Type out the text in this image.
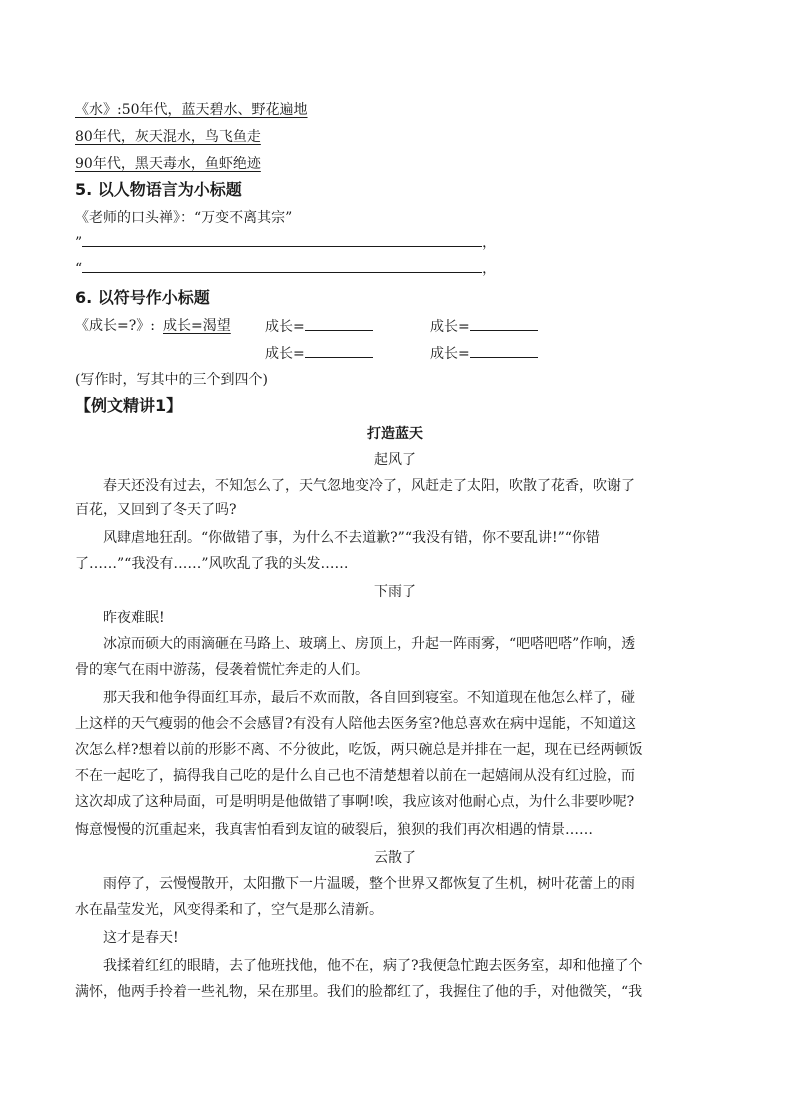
《水》:50年代，蓝天碧水、野花遍地
80年代，灰天混水，鸟飞鱼走
90年代，黑天毒水，鱼虾绝迹
5. 以人物语言为小标题
《老师的口头禅》：“万变不离其宗”
”	，
“	，
6. 以符号作小标题
《成长=?》: 成长=渴望 成长=	成长=
成长=	成长=
(写作时，写其中的三个到四个)
【例文精讲1】
打造蓝天
起风了
春天还没有过去，不知怎么了，天气忽地变冷了，风赶走了太阳，吹散了花香，吹谢了
百花，又回到了冬天了吗?
风肆虐地狂刮。“你做错了事，为什么不去道歉?”“我没有错，你不要乱讲!”“你错
了……”“我没有……”风吹乱了我的头发……
下雨了
昨夜难眠!
冰凉而硕大的雨滴砸在马路上、玻璃上、房顶上，升起一阵雨雾，“吧嗒吧嗒”作响，透
骨的寒气在雨中游荡，侵袭着慌忙奔走的人们。
那天我和他争得面红耳赤，最后不欢而散，各自回到寝室。不知道现在他怎么样了，碰
上这样的天气瘦弱的他会不会感冒?有没有人陪他去医务室?他总喜欢在病中逞能，不知道这
次怎么样?想着以前的形影不离、不分彼此，吃饭，两只碗总是并排在一起，现在已经两顿饭
不在一起吃了，搞得我自己吃的是什么自己也不清楚想着以前在一起嬉闹从没有红过脸，而
这次却成了这种局面，可是明明是他做错了事啊!唉，我应该对他耐心点，为什么非要吵呢?
悔意慢慢的沉重起来，我真害怕看到友谊的破裂后，狼狈的我们再次相遇的情景……
云散了
雨停了，云慢慢散开，太阳撒下一片温暖，整个世界又都恢复了生机，树叶花蕾上的雨
水在晶莹发光，风变得柔和了，空气是那么清新。
这才是春天!
我揉着红红的眼睛，去了他班找他，他不在，病了?我便急忙跑去医务室，却和他撞了个
满怀，他两手拎着一些礼物，呆在那里。我们的脸都红了，我握住了他的手，对他微笑，“我
